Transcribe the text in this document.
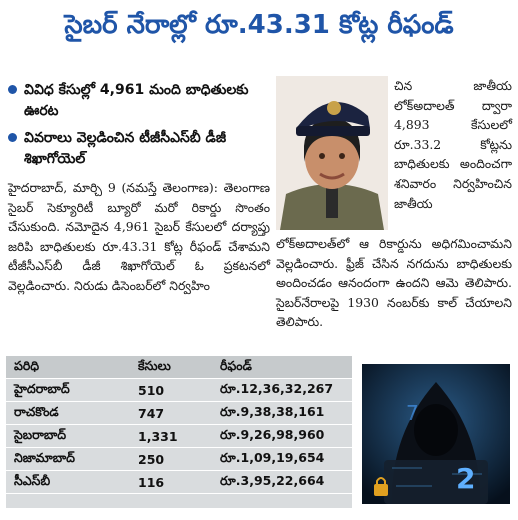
సైబర్ నేరాల్లో రూ.43.31 కోట్ల రీఫండ్
వివిధ కేసుల్లో 4,961 మంది బాధితులకు ఊరట
వివరాలు వెల్లడించిన టీజీసీఎస్‌బీ డీజీ శిఖాగోయెల్
హైదరాబాద్, మార్చి 9 (నమస్తే తెలంగాణ): తెలంగాణ సైబర్ సెక్యూరిటీ బ్యూరో మరో రికార్డు సొంతం చేసుకుంది. నమోదైన 4,961 సైబర్ కేసులలో దర్యాప్తు జరిపి బాధితులకు రూ.43.31 కోట్ల రీఫండ్ చేశామని టీజీసీఎస్‌బీ డీజీ శిఖాగోయెల్ ఓ ప్రకటనలో వెల్లడించారు. నిరుడు డిసెంబర్‌లో నిర్వహిం
చిన జాతీయ లోక్‌అదాలత్ ద్వారా 4,893 కేసులలో రూ.33.2 కోట్లను బాధితులకు అందించగా శనివారం నిర్వహించిన జాతీయ
లోక్‌అదాలత్‌లో ఆ రికార్డును అధిగమించామని వెల్లడించారు. ఫ్రీజ్ చేసిన నగదును బాధితులకు అందించడం ఆనందంగా ఉందని ఆమె తెలిపారు. సైబర్‌నేరాలపై 1930 నంబర్‌కు కాల్ చేయాలని తెలిపారు.
పరిధి	కేసులు	రీఫండ్
హైదరాబాద్	510	రూ.12,36,32,267
రాచకొండ	747	రూ.9,38,38,161
సైబరాబాద్	1,331	రూ.9,26,98,960
నిజామాబాద్	250	రూ.1,09,19,654
సీఎస్‌బీ	116	రూ.3,95,22,664
7
2
